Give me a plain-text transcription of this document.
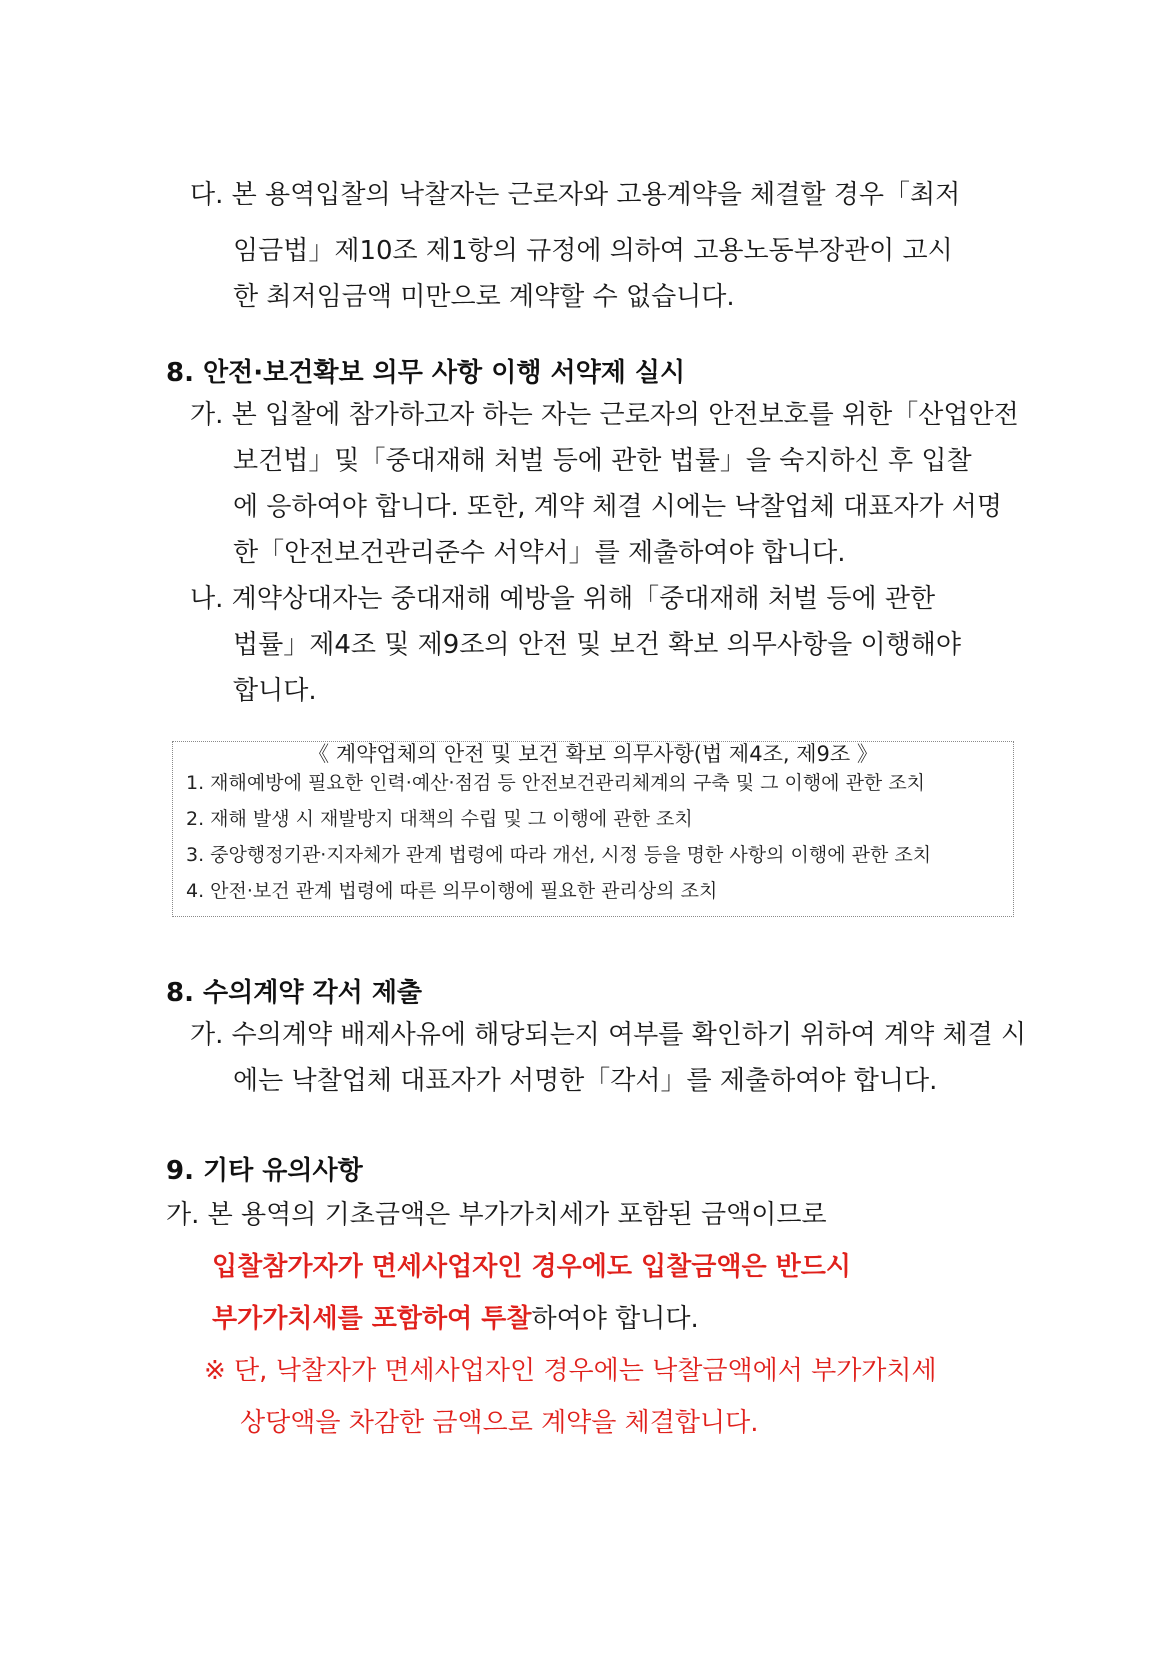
다. 본 용역입찰의 낙찰자는 근로자와 고용계약을 체결할 경우「최저
임금법」제10조 제1항의 규정에 의하여 고용노동부장관이 고시
한 최저임금액 미만으로 계약할 수 없습니다.
8. 안전·보건확보 의무 사항 이행 서약제 실시
가. 본 입찰에 참가하고자 하는 자는 근로자의 안전보호를 위한「산업안전
보건법」및「중대재해 처벌 등에 관한 법률」을 숙지하신 후 입찰
에 응하여야 합니다. 또한, 계약 체결 시에는 낙찰업체 대표자가 서명
한「안전보건관리준수 서약서」를 제출하여야 합니다.
나. 계약상대자는 중대재해 예방을 위해「중대재해 처벌 등에 관한
법률」제4조 및 제9조의 안전 및 보건 확보 의무사항을 이행해야
합니다.
《 계약업체의 안전 및 보건 확보 의무사항(법 제4조, 제9조 》
1. 재해예방에 필요한 인력·예산·점검 등 안전보건관리체계의 구축 및 그 이행에 관한 조치
2. 재해 발생 시 재발방지 대책의 수립 및 그 이행에 관한 조치
3. 중앙행정기관·지자체가 관계 법령에 따라 개선, 시정 등을 명한 사항의 이행에 관한 조치
4. 안전·보건 관계 법령에 따른 의무이행에 필요한 관리상의 조치
8. 수의계약 각서 제출
가. 수의계약 배제사유에 해당되는지 여부를 확인하기 위하여 계약 체결 시
에는 낙찰업체 대표자가 서명한「각서」를 제출하여야 합니다.
9. 기타 유의사항
가. 본 용역의 기초금액은 부가가치세가 포함된 금액이므로
입찰참가자가 면세사업자인 경우에도 입찰금액은 반드시
부가가치세를 포함하여 투찰하여야 합니다.
※ 단, 낙찰자가 면세사업자인 경우에는 낙찰금액에서 부가가치세
상당액을 차감한 금액으로 계약을 체결합니다.
